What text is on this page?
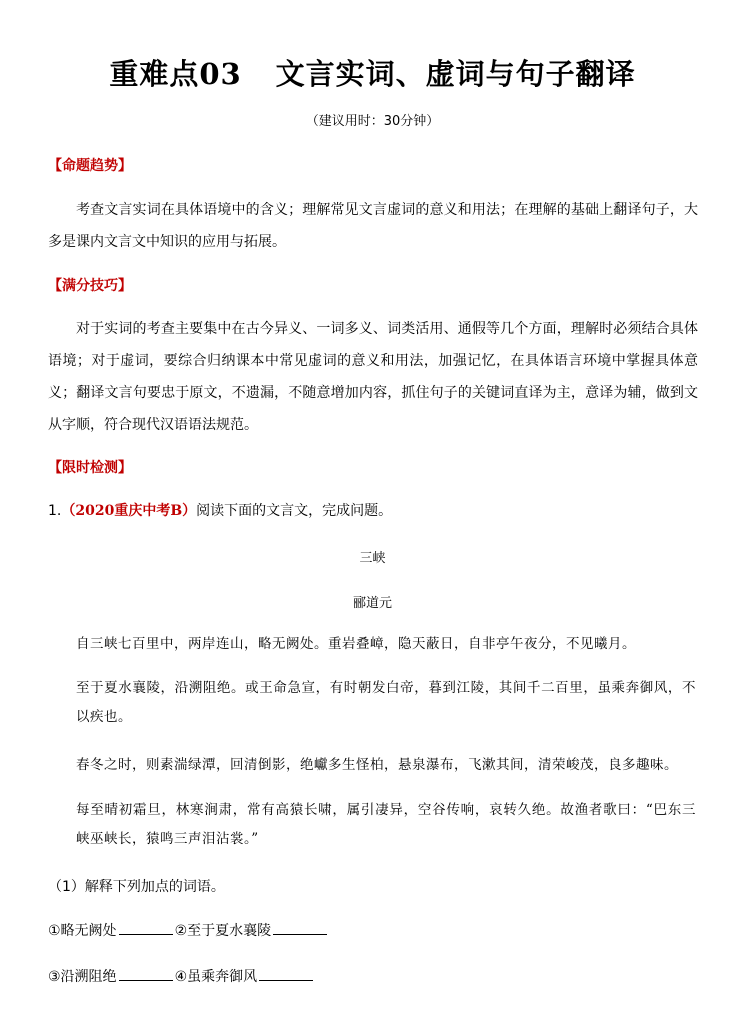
重难点03 文言实词、虚词与句子翻译
（建议用时：30分钟）
【命题趋势】
考查文言实词在具体语境中的含义；理解常见文言虚词的意义和用法；在理解的基础上翻译句子，大多是课内文言文中知识的应用与拓展。
【满分技巧】
对于实词的考查主要集中在古今异义、一词多义、词类活用、通假等几个方面，理解时必须结合具体语境；对于虚词，要综合归纳课本中常见虚词的意义和用法，加强记忆，在具体语言环境中掌握具体意义；翻译文言句要忠于原文，不遗漏，不随意增加内容，抓住句子的关键词直译为主，意译为辅，做到文从字顺，符合现代汉语语法规范。
【限时检测】
1.（2020重庆中考B）阅读下面的文言文，完成问题。
三峡
郦道元
自三峡七百里中，两岸连山，略无阙处。重岩叠嶂，隐天蔽日，自非亭午夜分，不见曦月。
至于夏水襄陵，沿溯阻绝。或王命急宣，有时朝发白帝，暮到江陵，其间千二百里，虽乘奔御风，不以疾也。
春冬之时，则素湍绿潭，回清倒影，绝巘多生怪柏，悬泉瀑布，飞漱其间，清荣峻茂，良多趣味。
每至晴初霜旦，林寒涧肃，常有高猿长啸，属引凄异，空谷传响，哀转久绝。故渔者歌曰：“巴东三峡巫峡长，猿鸣三声泪沾裳。”
（1）解释下列加点的词语。
①略无阙处	②至于夏水襄陵
③沿溯阻绝	④虽乘奔御风
